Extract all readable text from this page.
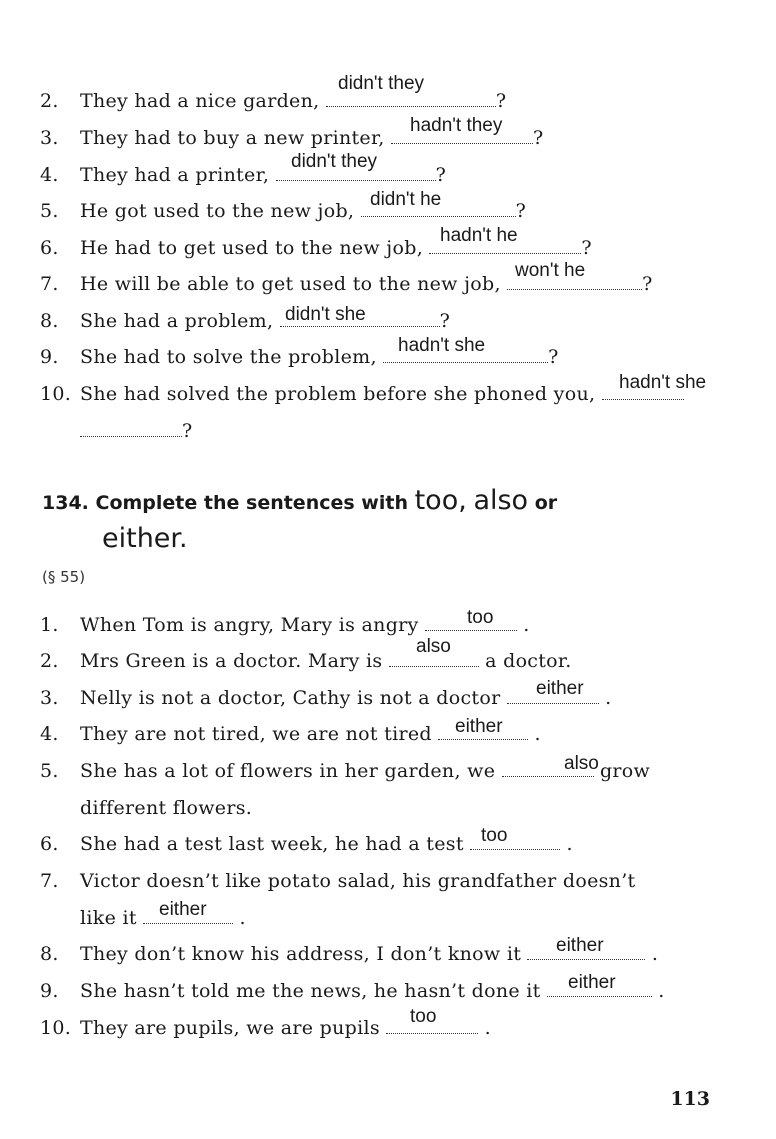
2. They had a nice garden,	?
didn't they
3. They had to buy a new printer,	?
hadn't they
4. They had a printer,	?
didn't they
5. He got used to the new job,	?
didn't he
6. He had to get used to the new job,	?
hadn't he
7. He will be able to get used to the new job,	?
won't he
8. She had a problem,	?
didn't she
9. She had to solve the problem,	?
hadn't she
10. She had solved the problem before she phoned you,
hadn't she
?
134. Complete the sentences with too, also or
either.
(§ 55)
1. When Tom is angry, Mary is angry	.
too
2. Mrs Green is a doctor. Mary is	a doctor.
also
3. Nelly is not a doctor, Cathy is not a doctor	.
either
4. They are not tired, we are not tired	.
either
5. She has a lot of flowers in her garden, we	grow
also
different flowers.
6. She had a test last week, he had a test	.
too
7. Victor doesn’t like potato salad, his grandfather doesn’t
like it	.
either
8. They don’t know his address, I don’t know it	.
either
9. She hasn’t told me the news, he hasn’t done it	.
either
10. They are pupils, we are pupils	.
too
113
